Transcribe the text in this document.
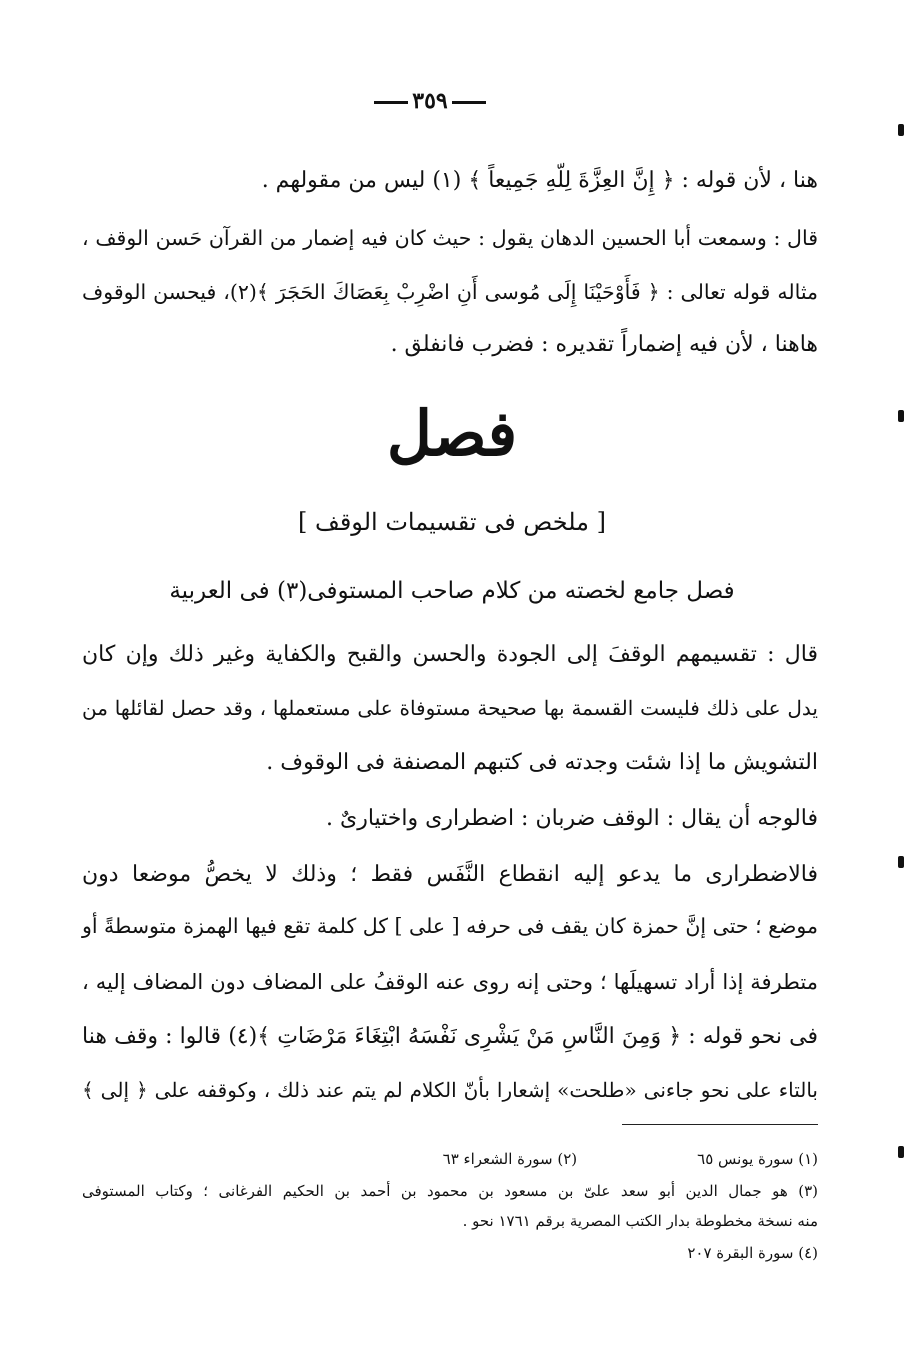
٣٥٩
هنا ، لأن قوله : ﴿ إِنَّ العِزَّةَ لِلّهِ جَمِيعاً ﴾ (١) ليس من مقولهم .
قال : وسمعت أبا الحسين الدهان يقول : حيث كان فيه إضمار من القرآن حَسن الوقف ،
مثاله قوله تعالى : ﴿ فَأَوْحَيْنَا إِلَى مُوسى أَنِ اضْرِبْ بِعَصَاكَ الحَجَرَ ﴾(٢)، فيحسن الوقوف
هاهنا ، لأن فيه إضماراً تقديره : فضرب فانفلق .
فصل
[ ملخص فى تقسيمات الوقف ]
فصل جامع لخصته من كلام صاحب المستوفى(٣) فى العربية
قال : تقسيمهم الوقفَ إلى الجودة والحسن والقبح والكفاية وغير ذلك وإن كان
يدل على ذلك فليست القسمة بها صحيحة مستوفاة على مستعملها ، وقد حصل لقائلها من
التشويش ما إذا شئت وجدته فى كتبهم المصنفة فى الوقوف .
فالوجه أن يقال : الوقف ضربان : اضطرارى واختيارىٌ .
فالاضطرارى ما يدعو إليه انقطاع النَّفَس فقط ؛ وذلك لا يخصُّ موضعا دون
موضع ؛ حتى إنَّ حمزة كان يقف فى حرفه [ على ] كل كلمة تقع فيها الهمزة متوسطةً أو
متطرفة إذا أراد تسهيلَها ؛ وحتى إنه روى عنه الوقفُ على المضاف دون المضاف إليه ،
فى نحو قوله : ﴿ وَمِنَ النَّاسِ مَنْ يَشْرِى نَفْسَهُ ابْتِغَاءَ مَرْضَاتِ ﴾(٤) قالوا : وقف هنا
بالتاء على نحو جاءنى «طلحت» إشعارا بأنّ الكلام لم يتم عند ذلك ، وكوقفه على ﴿ إلى ﴾
(١) سورة يونس ٦٥(٢) سورة الشعراء ٦٣
(٣) هو جمال الدين أبو سعد علىّ بن مسعود بن محمود بن أحمد بن الحكيم الفرغانى ؛ وكتاب المستوفى
منه نسخة مخطوطة بدار الكتب المصرية برقم ١٧٦١ نحو .
(٤) سورة البقرة ٢٠٧
